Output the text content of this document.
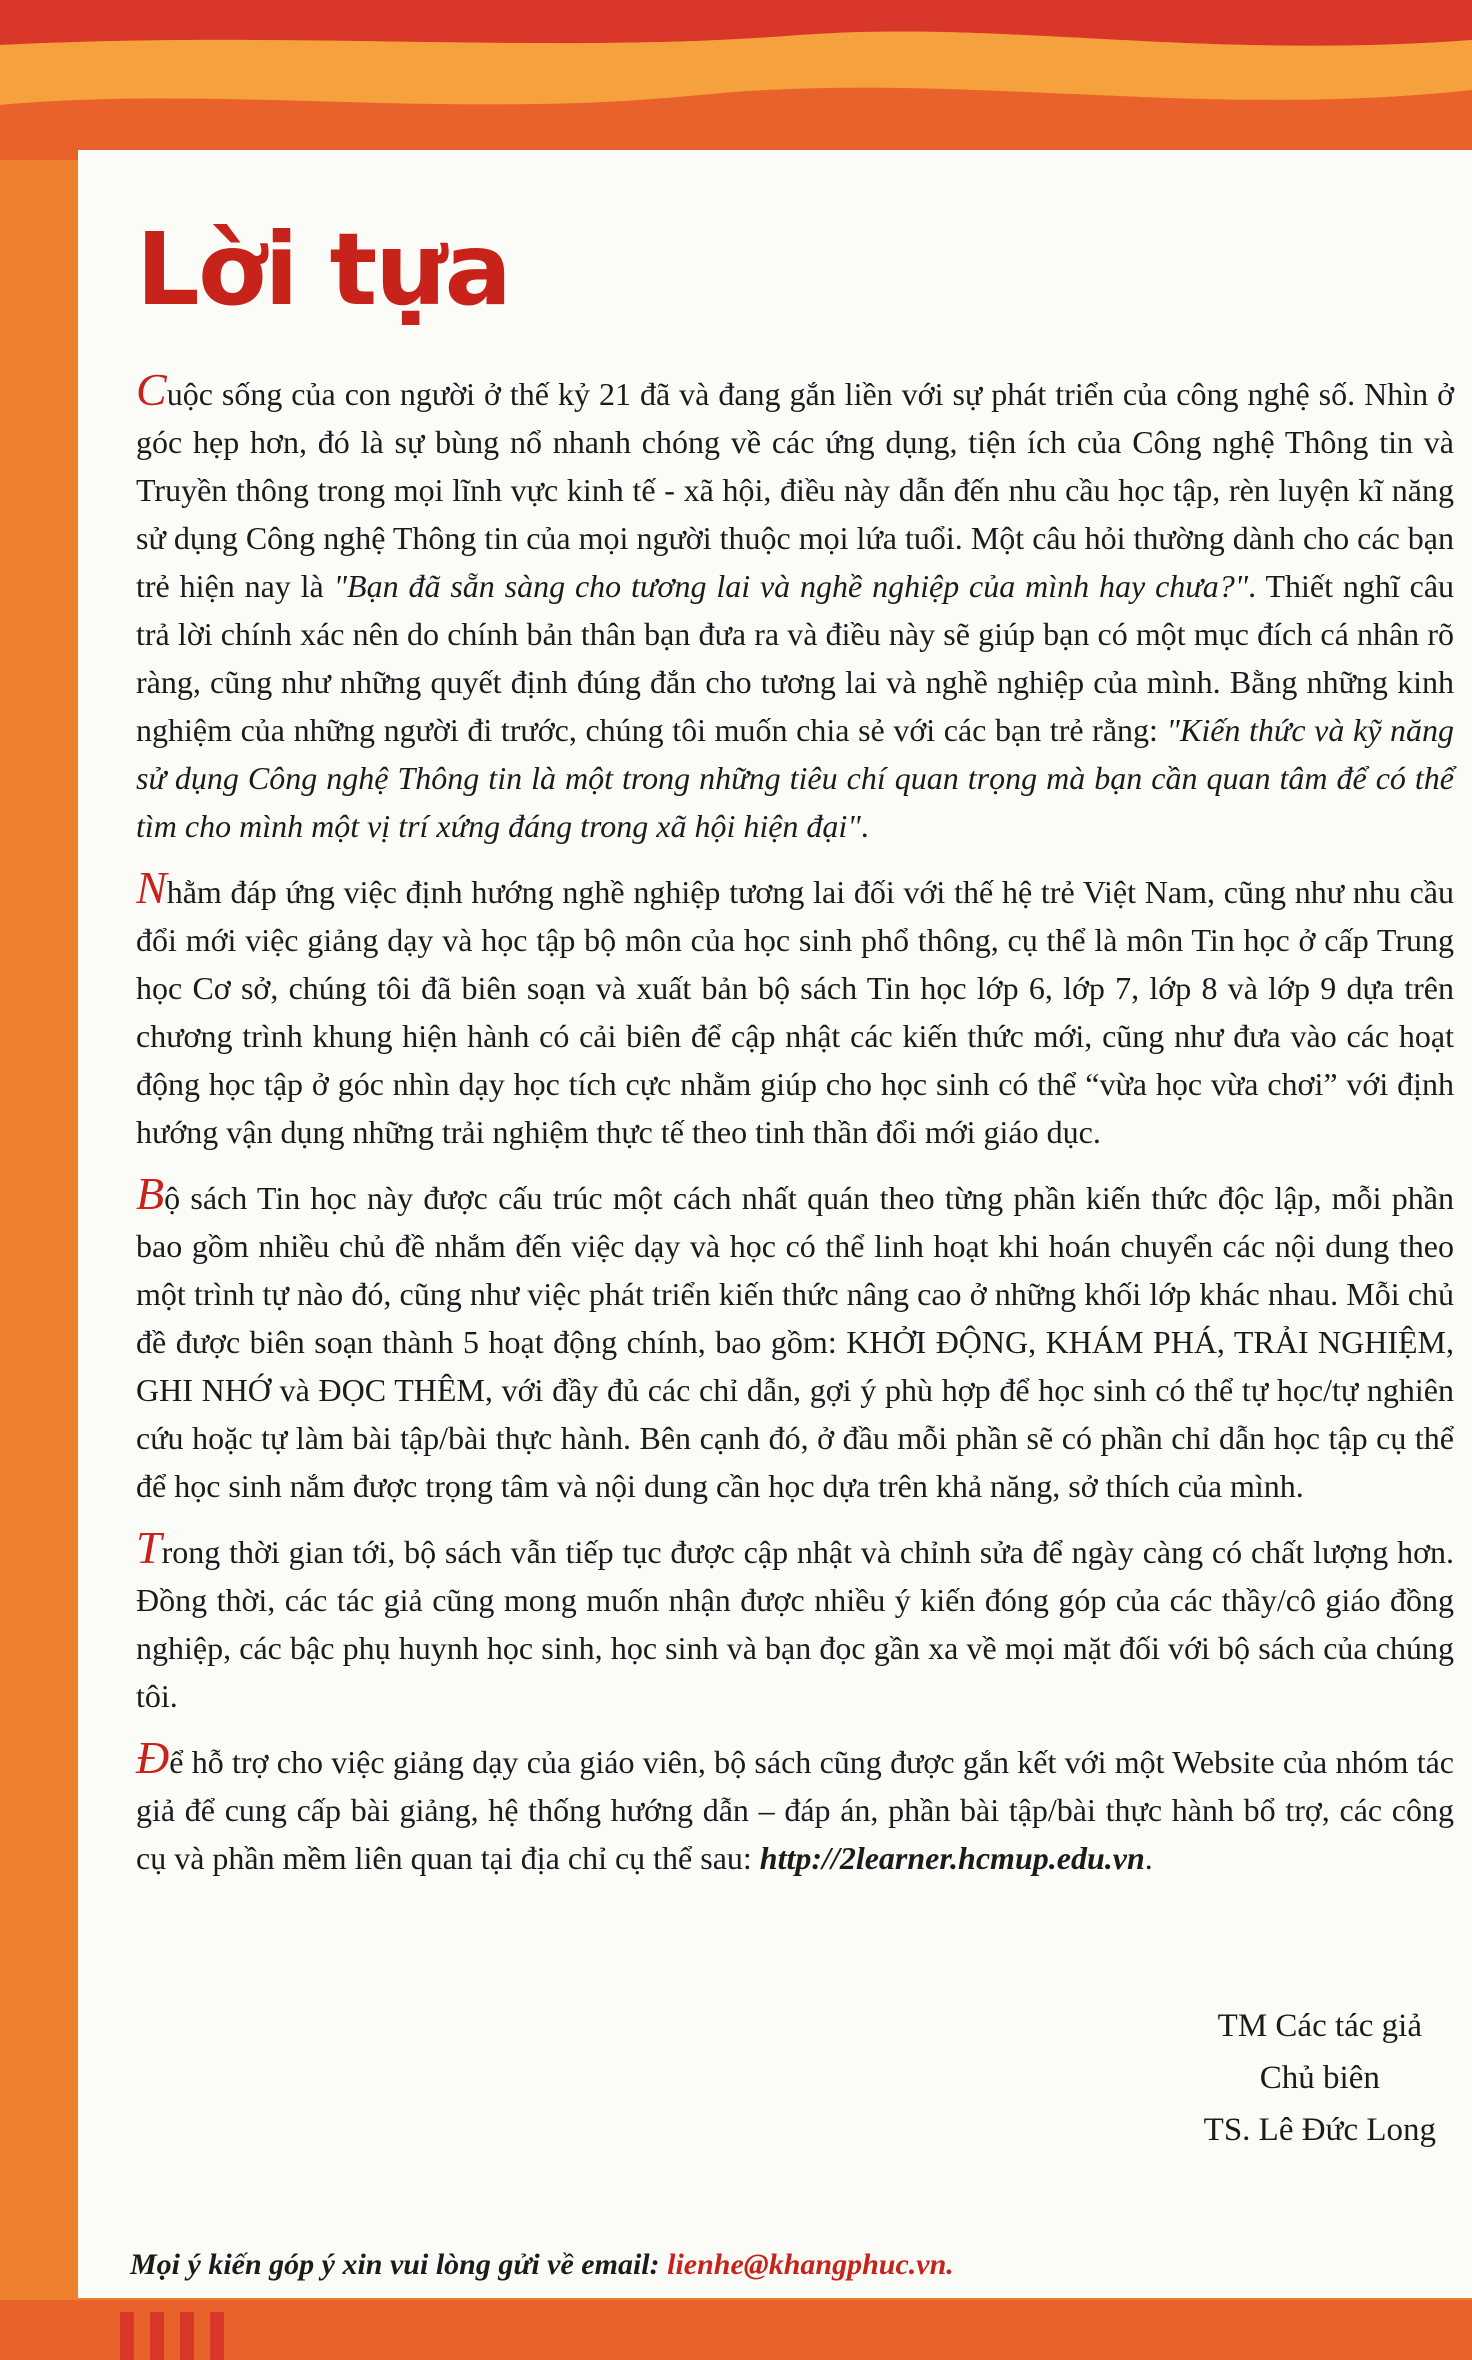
Lời tựa

Cuộc sống của con người ở thế kỷ 21 đã và đang gắn liền với sự phát triển của công nghệ số. Nhìn ở góc hẹp hơn, đó là sự bùng nổ nhanh chóng về các ứng dụng, tiện ích của Công nghệ Thông tin và Truyền thông trong mọi lĩnh vực kinh tế - xã hội, điều này dẫn đến nhu cầu học tập, rèn luyện kĩ năng sử dụng Công nghệ Thông tin của mọi người thuộc mọi lứa tuổi. Một câu hỏi thường dành cho các bạn trẻ hiện nay là "Bạn đã sẵn sàng cho tương lai và nghề nghiệp của mình hay chưa?". Thiết nghĩ câu trả lời chính xác nên do chính bản thân bạn đưa ra và điều này sẽ giúp bạn có một mục đích cá nhân rõ ràng, cũng như những quyết định đúng đắn cho tương lai và nghề nghiệp của mình. Bằng những kinh nghiệm của những người đi trước, chúng tôi muốn chia sẻ với các bạn trẻ rằng: "Kiến thức và kỹ năng sử dụng Công nghệ Thông tin là một trong những tiêu chí quan trọng mà bạn cần quan tâm để có thể tìm cho mình một vị trí xứng đáng trong xã hội hiện đại".

Nhằm đáp ứng việc định hướng nghề nghiệp tương lai đối với thế hệ trẻ Việt Nam, cũng như nhu cầu đổi mới việc giảng dạy và học tập bộ môn của học sinh phổ thông, cụ thể là môn Tin học ở cấp Trung học Cơ sở, chúng tôi đã biên soạn và xuất bản bộ sách Tin học lớp 6, lớp 7, lớp 8 và lớp 9 dựa trên chương trình khung hiện hành có cải biên để cập nhật các kiến thức mới, cũng như đưa vào các hoạt động học tập ở góc nhìn dạy học tích cực nhằm giúp cho học sinh có thể “vừa học vừa chơi” với định hướng vận dụng những trải nghiệm thực tế theo tinh thần đổi mới giáo dục.

Bộ sách Tin học này được cấu trúc một cách nhất quán theo từng phần kiến thức độc lập, mỗi phần bao gồm nhiều chủ đề nhắm đến việc dạy và học có thể linh hoạt khi hoán chuyển các nội dung theo một trình tự nào đó, cũng như việc phát triển kiến thức nâng cao ở những khối lớp khác nhau. Mỗi chủ đề được biên soạn thành 5 hoạt động chính, bao gồm: KHỞI ĐỘNG, KHÁM PHÁ, TRẢI NGHIỆM, GHI NHỚ và ĐỌC THÊM, với đầy đủ các chỉ dẫn, gợi ý phù hợp để học sinh có thể tự học/tự nghiên cứu hoặc tự làm bài tập/bài thực hành. Bên cạnh đó, ở đầu mỗi phần sẽ có phần chỉ dẫn học tập cụ thể để học sinh nắm được trọng tâm và nội dung cần học dựa trên khả năng, sở thích của mình.

Trong thời gian tới, bộ sách vẫn tiếp tục được cập nhật và chỉnh sửa để ngày càng có chất lượng hơn. Đồng thời, các tác giả cũng mong muốn nhận được nhiều ý kiến đóng góp của các thầy/cô giáo đồng nghiệp, các bậc phụ huynh học sinh, học sinh và bạn đọc gần xa về mọi mặt đối với bộ sách của chúng tôi.

Để hỗ trợ cho việc giảng dạy của giáo viên, bộ sách cũng được gắn kết với một Website của nhóm tác giả để cung cấp bài giảng, hệ thống hướng dẫn – đáp án, phần bài tập/bài thực hành bổ trợ, các công cụ và phần mềm liên quan tại địa chỉ cụ thể sau: http://2learner.hcmup.edu.vn.

TM Các tác giả
Chủ biên
TS. Lê Đức Long
Mọi ý kiến góp ý xin vui lòng gửi về email: lienhe@khangphuc.vn.
